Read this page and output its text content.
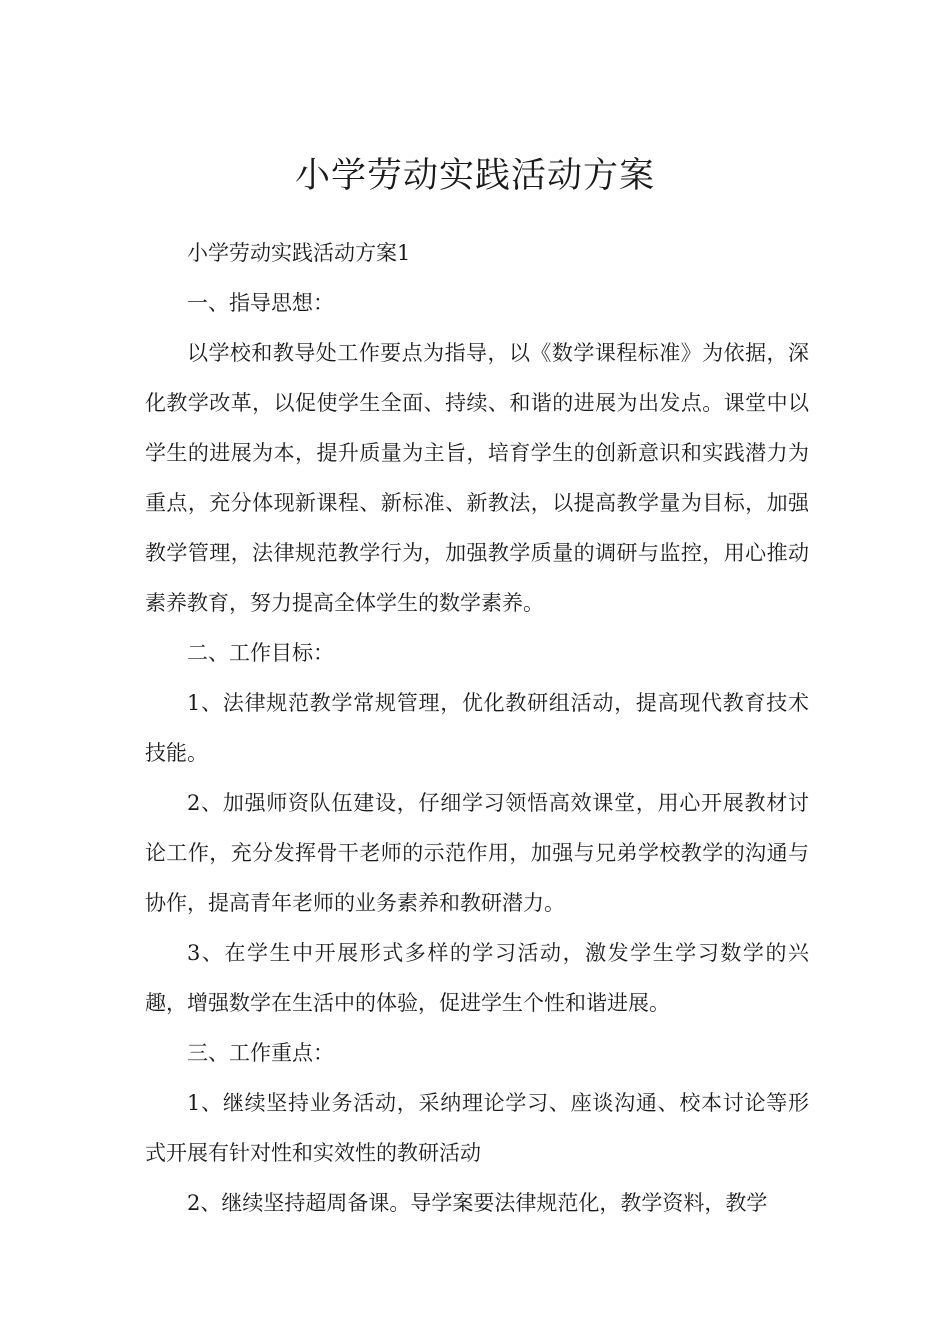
小学劳动实践活动方案

小学劳动实践活动方案1

一、指导思想：

以学校和教导处工作要点为指导，以《数学课程标准》为依据，深化教学改革，以促使学生全面、持续、和谐的进展为出发点。课堂中以学生的进展为本，提升质量为主旨，培育学生的创新意识和实践潜力为重点，充分体现新课程、新标准、新教法，以提高教学量为目标，加强教学管理，法律规范教学行为，加强教学质量的调研与监控，用心推动素养教育，努力提高全体学生的数学素养。

二、工作目标：

1、法律规范教学常规管理，优化教研组活动，提高现代教育技术技能。

2、加强师资队伍建设，仔细学习领悟高效课堂，用心开展教材讨论工作，充分发挥骨干老师的示范作用，加强与兄弟学校教学的沟通与协作，提高青年老师的业务素养和教研潜力。

3、在学生中开展形式多样的学习活动，激发学生学习数学的兴趣，增强数学在生活中的体验，促进学生个性和谐进展。

三、工作重点：

1、继续坚持业务活动，采纳理论学习、座谈沟通、校本讨论等形式开展有针对性和实效性的教研活动

2、继续坚持超周备课。导学案要法律规范化，教学资料，教学
